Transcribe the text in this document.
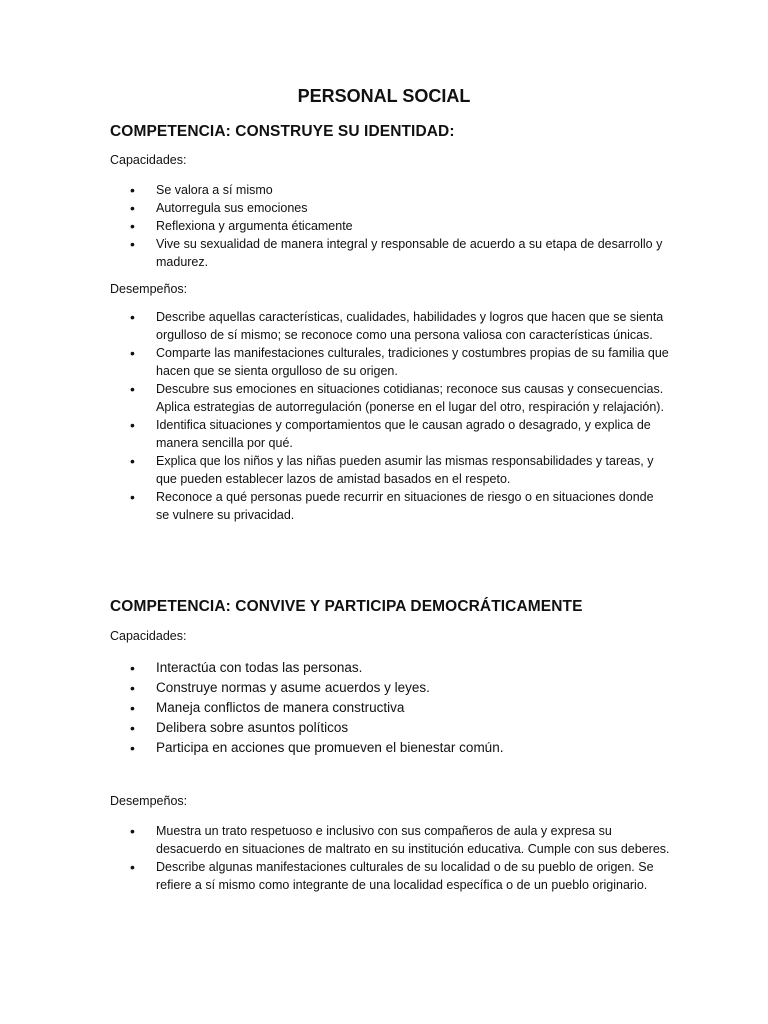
PERSONAL SOCIAL
COMPETENCIA: CONSTRUYE SU IDENTIDAD:
Capacidades:
• Se valora a sí mismo
• Autorregula sus emociones
• Reflexiona y argumenta éticamente
• Vive su sexualidad de manera integral y responsable de acuerdo a su etapa de desarrollo y madurez.
Desempeños:
• Describe aquellas características, cualidades, habilidades y logros que hacen que se sienta orgulloso de sí mismo; se reconoce como una persona valiosa con características únicas.
• Comparte las manifestaciones culturales, tradiciones y costumbres propias de su familia que hacen que se sienta orgulloso de su origen.
• Descubre sus emociones en situaciones cotidianas; reconoce sus causas y consecuencias. Aplica estrategias de autorregulación (ponerse en el lugar del otro, respiración y relajación).
• Identifica situaciones y comportamientos que le causan agrado o desagrado, y explica de manera sencilla por qué.
• Explica que los niños y las niñas pueden asumir las mismas responsabilidades y tareas, y que pueden establecer lazos de amistad basados en el respeto.
• Reconoce a qué personas puede recurrir en situaciones de riesgo o en situaciones donde se vulnere su privacidad.
COMPETENCIA: CONVIVE Y PARTICIPA DEMOCRÁTICAMENTE
Capacidades:
• Interactúa con todas las personas.
• Construye normas y asume acuerdos y leyes.
• Maneja conflictos de manera constructiva
• Delibera sobre asuntos políticos
• Participa en acciones que promueven el bienestar común.
Desempeños:
• Muestra un trato respetuoso e inclusivo con sus compañeros de aula y expresa su desacuerdo en situaciones de maltrato en su institución educativa. Cumple con sus deberes.
• Describe algunas manifestaciones culturales de su localidad o de su pueblo de origen. Se refiere a sí mismo como integrante de una localidad específica o de un pueblo originario.
